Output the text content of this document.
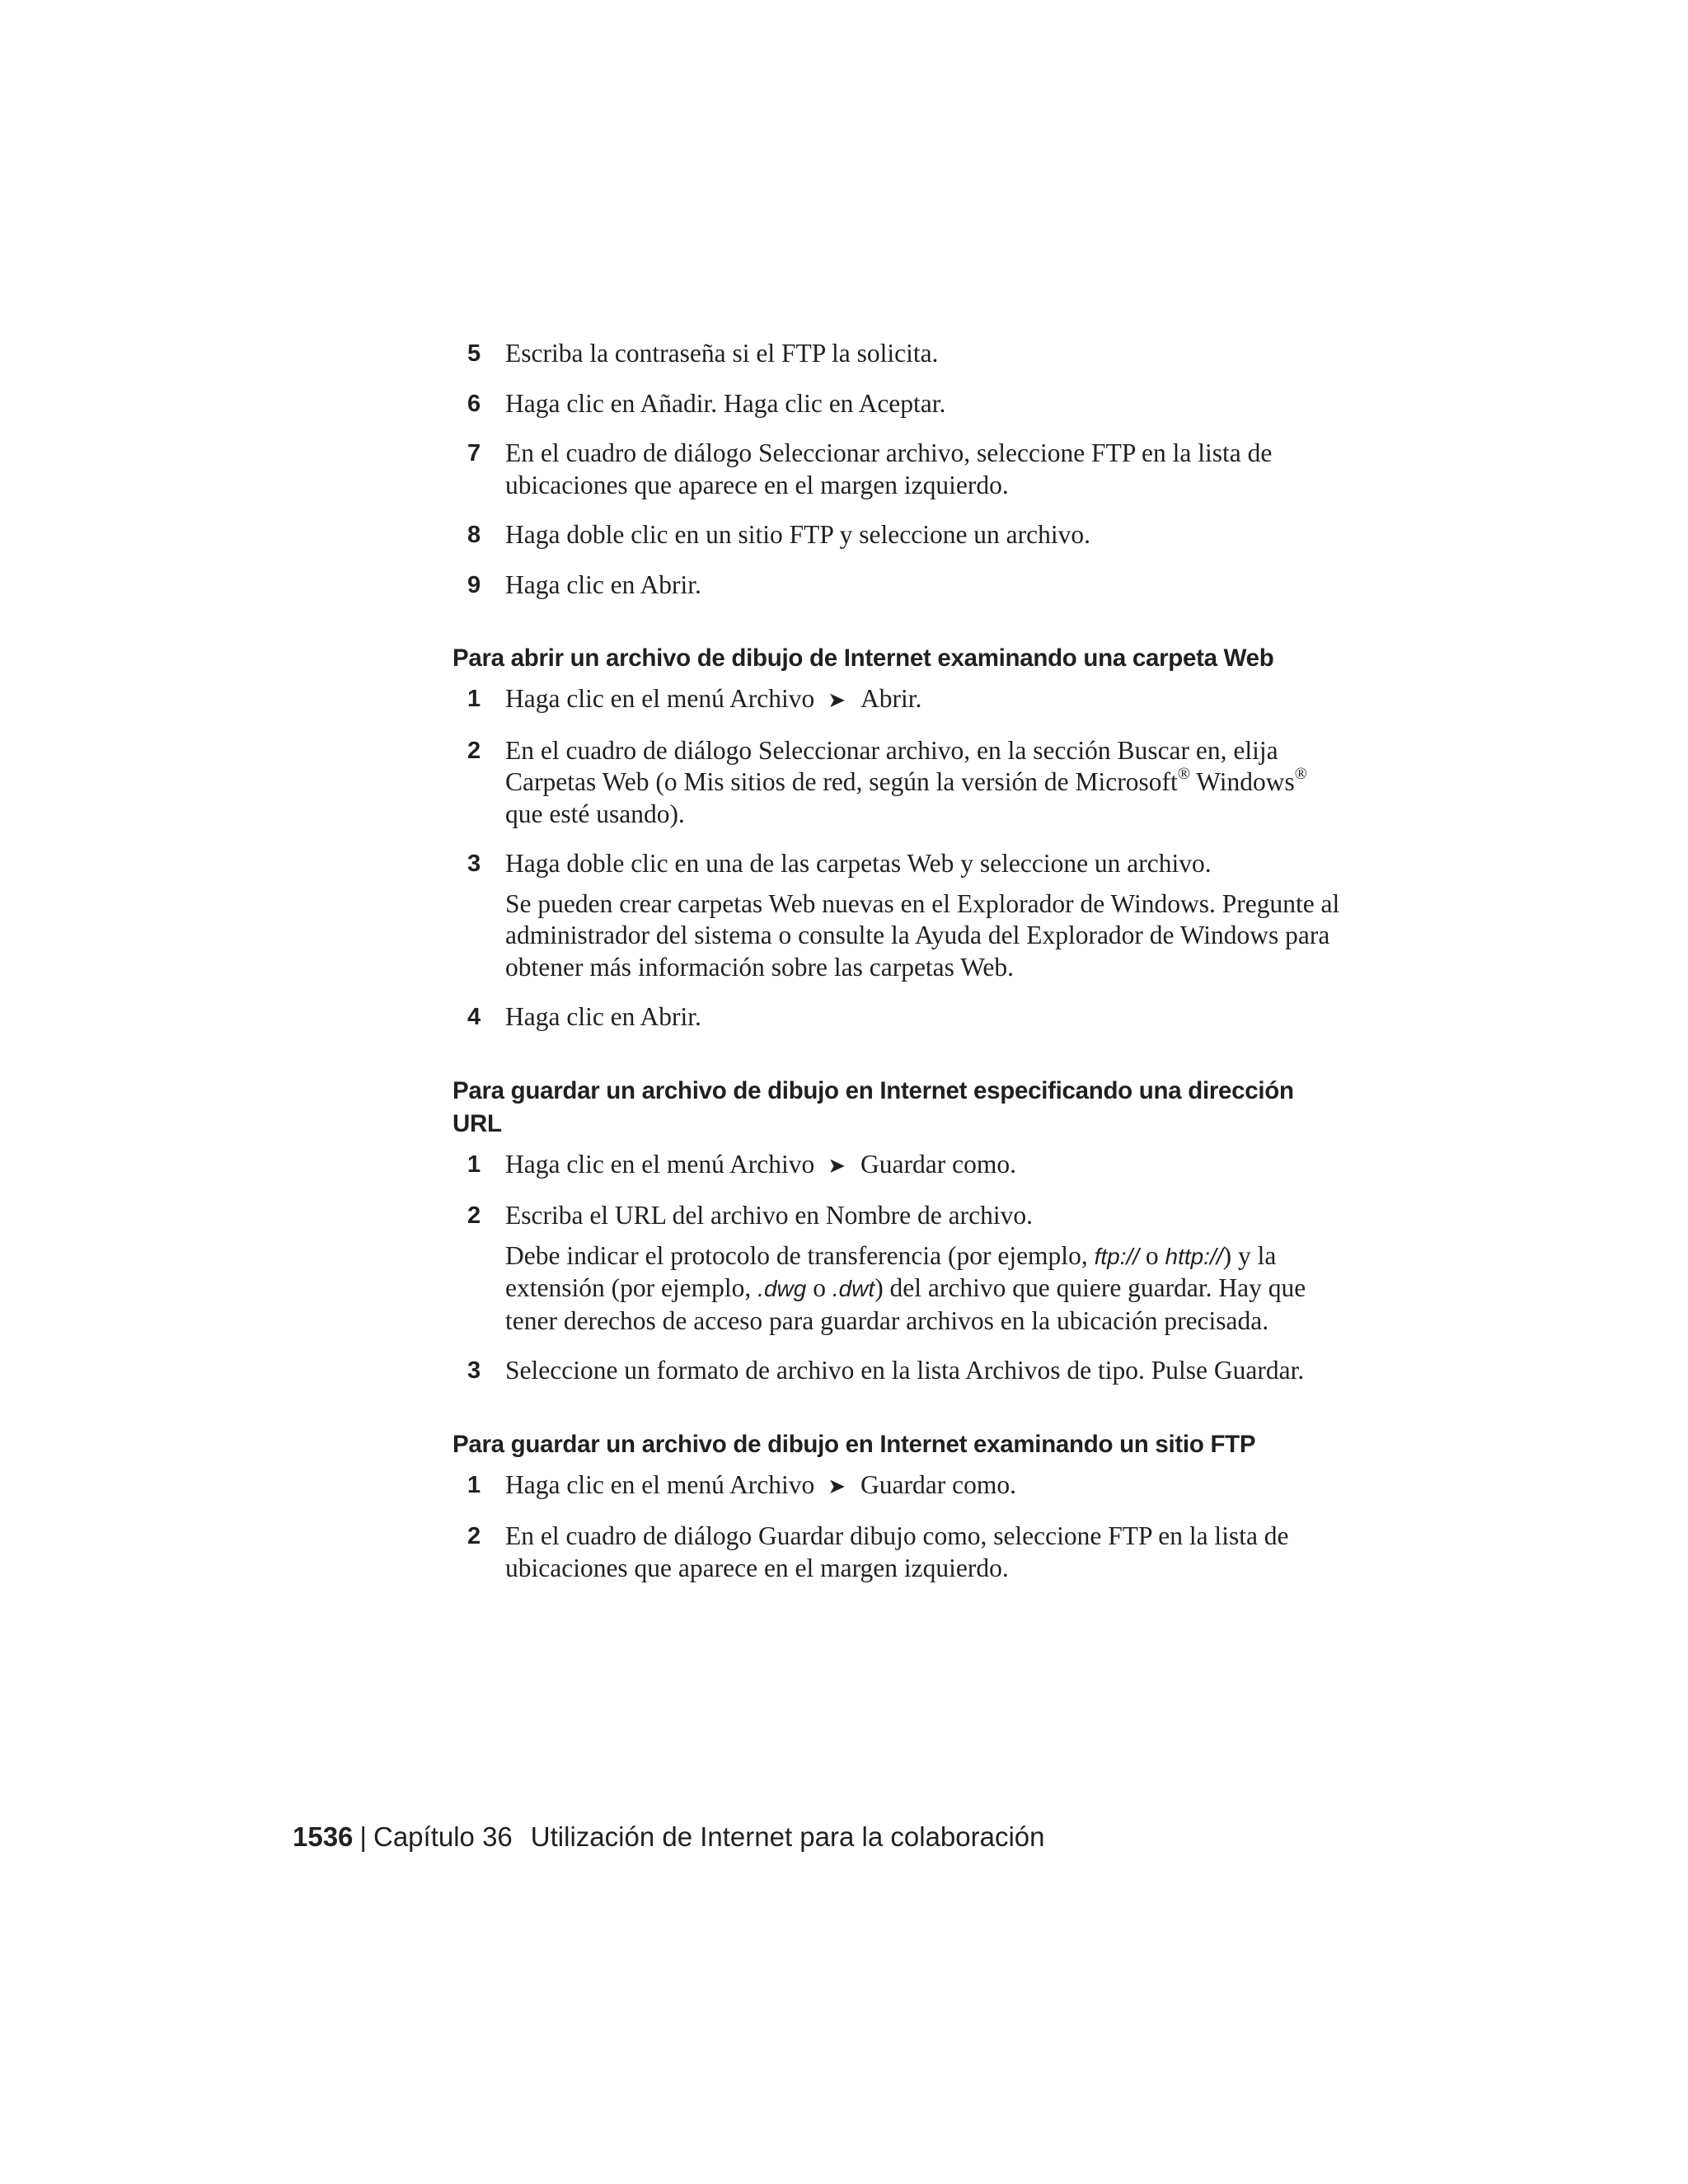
5 Escriba la contraseña si el FTP la solicita.

6 Haga clic en Añadir. Haga clic en Aceptar.

7 En el cuadro de diálogo Seleccionar archivo, seleccione FTP en la lista de ubicaciones que aparece en el margen izquierdo.

8 Haga doble clic en un sitio FTP y seleccione un archivo.

9 Haga clic en Abrir.

Para abrir un archivo de dibujo de Internet examinando una carpeta Web
1 Haga clic en el menú Archivo ➤ Abrir.

2 En el cuadro de diálogo Seleccionar archivo, en la sección Buscar en, elija Carpetas Web (o Mis sitios de red, según la versión de Microsoft® Windows® que esté usando).

3 Haga doble clic en una de las carpetas Web y seleccione un archivo.

Se pueden crear carpetas Web nuevas en el Explorador de Windows. Pregunte al administrador del sistema o consulte la Ayuda del Explorador de Windows para obtener más información sobre las carpetas Web.

4 Haga clic en Abrir.

Para guardar un archivo de dibujo en Internet especificando una dirección URL
1 Haga clic en el menú Archivo ➤ Guardar como.

2 Escriba el URL del archivo en Nombre de archivo.

Debe indicar el protocolo de transferencia (por ejemplo, ftp:// o http://) y la extensión (por ejemplo, .dwg o .dwt) del archivo que quiere guardar. Hay que tener derechos de acceso para guardar archivos en la ubicación precisada.

3 Seleccione un formato de archivo en la lista Archivos de tipo. Pulse Guardar.

Para guardar un archivo de dibujo en Internet examinando un sitio FTP
1 Haga clic en el menú Archivo ➤ Guardar como.

2 En el cuadro de diálogo Guardar dibujo como, seleccione FTP en la lista de ubicaciones que aparece en el margen izquierdo.

1536 | Capítulo 36 Utilización de Internet para la colaboración
